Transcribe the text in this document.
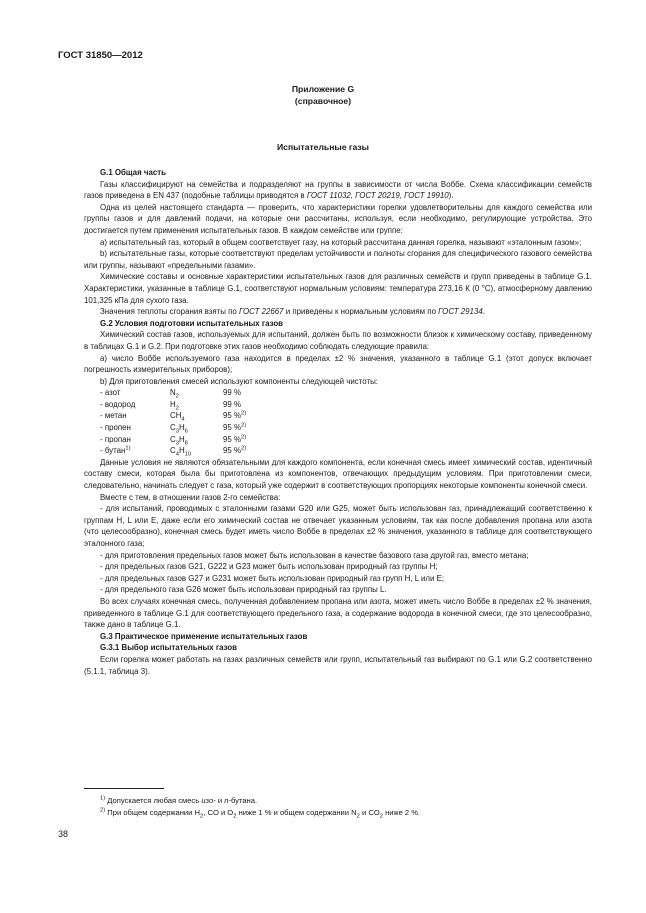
ГОСТ 31850—2012
Приложение G
(справочное)
Испытательные газы

G.1 Общая часть

Газы классифицируют на семейства и подразделяют на группы в зависимости от числа Воббе. Схема классификации семейств газов приведена в EN 437 (подобные таблицы приводятся в ГОСТ 11032, ГОСТ 20219, ГОСТ 19910).

Одна из целей настоящего стандарта — проверить, что характеристики горелки удовлетворительны для каждого семейства или группы газов и для давлений подачи, на которые они рассчитаны, используя, если необходимо, регулирующие устройства. Это достигается путем применения испытательных газов. В каждом семействе или группе:

а) испытательный газ, который в общем соответствует газу, на который рассчитана данная горелка, называют «эталонным газом»;

b) испытательные газы, которые соответствуют пределам устойчивости и полноты сгорания для специфического газового семейства или группы, называют «предельными газами».

Химические составы и основные характеристики испытательных газов для различных семейств и групп приведены в таблице G.1. Характеристики, указанные в таблице G.1, соответствуют нормальным условиям: температура 273,16 К (0 °С), атмосферному давлению 101,325 кПа для сухого газа.

Значения теплоты сгорания взяты по ГОСТ 22667 и приведены к нормальным условиям по ГОСТ 29134.

G.2 Условия подготовки испытательных газов

Химический состав газов, используемых для испытаний, должен быть по возможности близок к химическому составу, приведенному в таблицах G.1 и G.2. При подготовке этих газов необходимо соблюдать следующие правила:

а) число Воббе используемого газа находится в пределах ±2 % значения, указанного в таблице G.1 (этот допуск включает погрешность измерительных приборов);

b) Для приготовления смесей используют компоненты следующей чистоты:

- азот	$N_2$	99 %
- водород	$H_2$	99 %
- метан	$CH_4$	95 %$^{2)}$
- пропен	$C_3H_6$	95 %$^{2)}$
- пропан	$C_3H_8$	95 %$^{2)}$
- бутан$^{1)}$	$C_4H_{10}$	95 %$^{2)}$

Данные условия не являются обязательными для каждого компонента, если конечная смесь имеет химический состав, идентичный составу смеси, которая была бы приготовлена из компонентов, отвечающих предыдущим условиям. При приготовлении смеси, следовательно, начинать следует с газа, который уже содержит в соответствующих пропорциях некоторые компоненты конечной смеси.

Вместе с тем, в отношении газов 2-го семейства:

- для испытаний, проводимых с эталонными газами G20 или G25, может быть использован газ, принадлежащий соответственно к группам Н, L или Е, даже если его химический состав не отвечает указанным условиям, так как после добавления пропана или азота (что целесообразно), конечная смесь будет иметь число Воббе в пределах ±2 % значения, указанного в таблице для соответствующего эталонного газа;

- для приготовления предельных газов может быть использован в качестве базового газа другой газ, вместо метана;

- для предельных газов G21, G222 и G23 может быть использован природный газ группы Н;

- для предельных газов G27 и G231 может быть использован природный газ групп Н, L или Е;

- для предельного газа G26 может быть использован природный газ группы L.

Во всех случаях конечная смесь, полученная добавлением пропана или азота, может иметь число Воббе в пределах ±2 % значения, приведенного в таблице G.1 для соответствующего предельного газа, а содержание водорода в конечной смеси, где это целесообразно, также дано в таблице G.1.

G.3 Практическое применение испытательных газов

G.3.1 Выбор испытательных газов

Если горелка может работать на газах различных семейств или групп, испытательный газ выбирают по G.1 или G.2 соответственно (5.1.1, таблица 3).

$^{1)}$ Допускается любая смесь изо- и n-бутана.
$^{2)}$ При общем содержании $H_2$, CO и $O_2$ ниже 1 % и общем содержании $N_2$ и $CO_2$ ниже 2 %.
38
